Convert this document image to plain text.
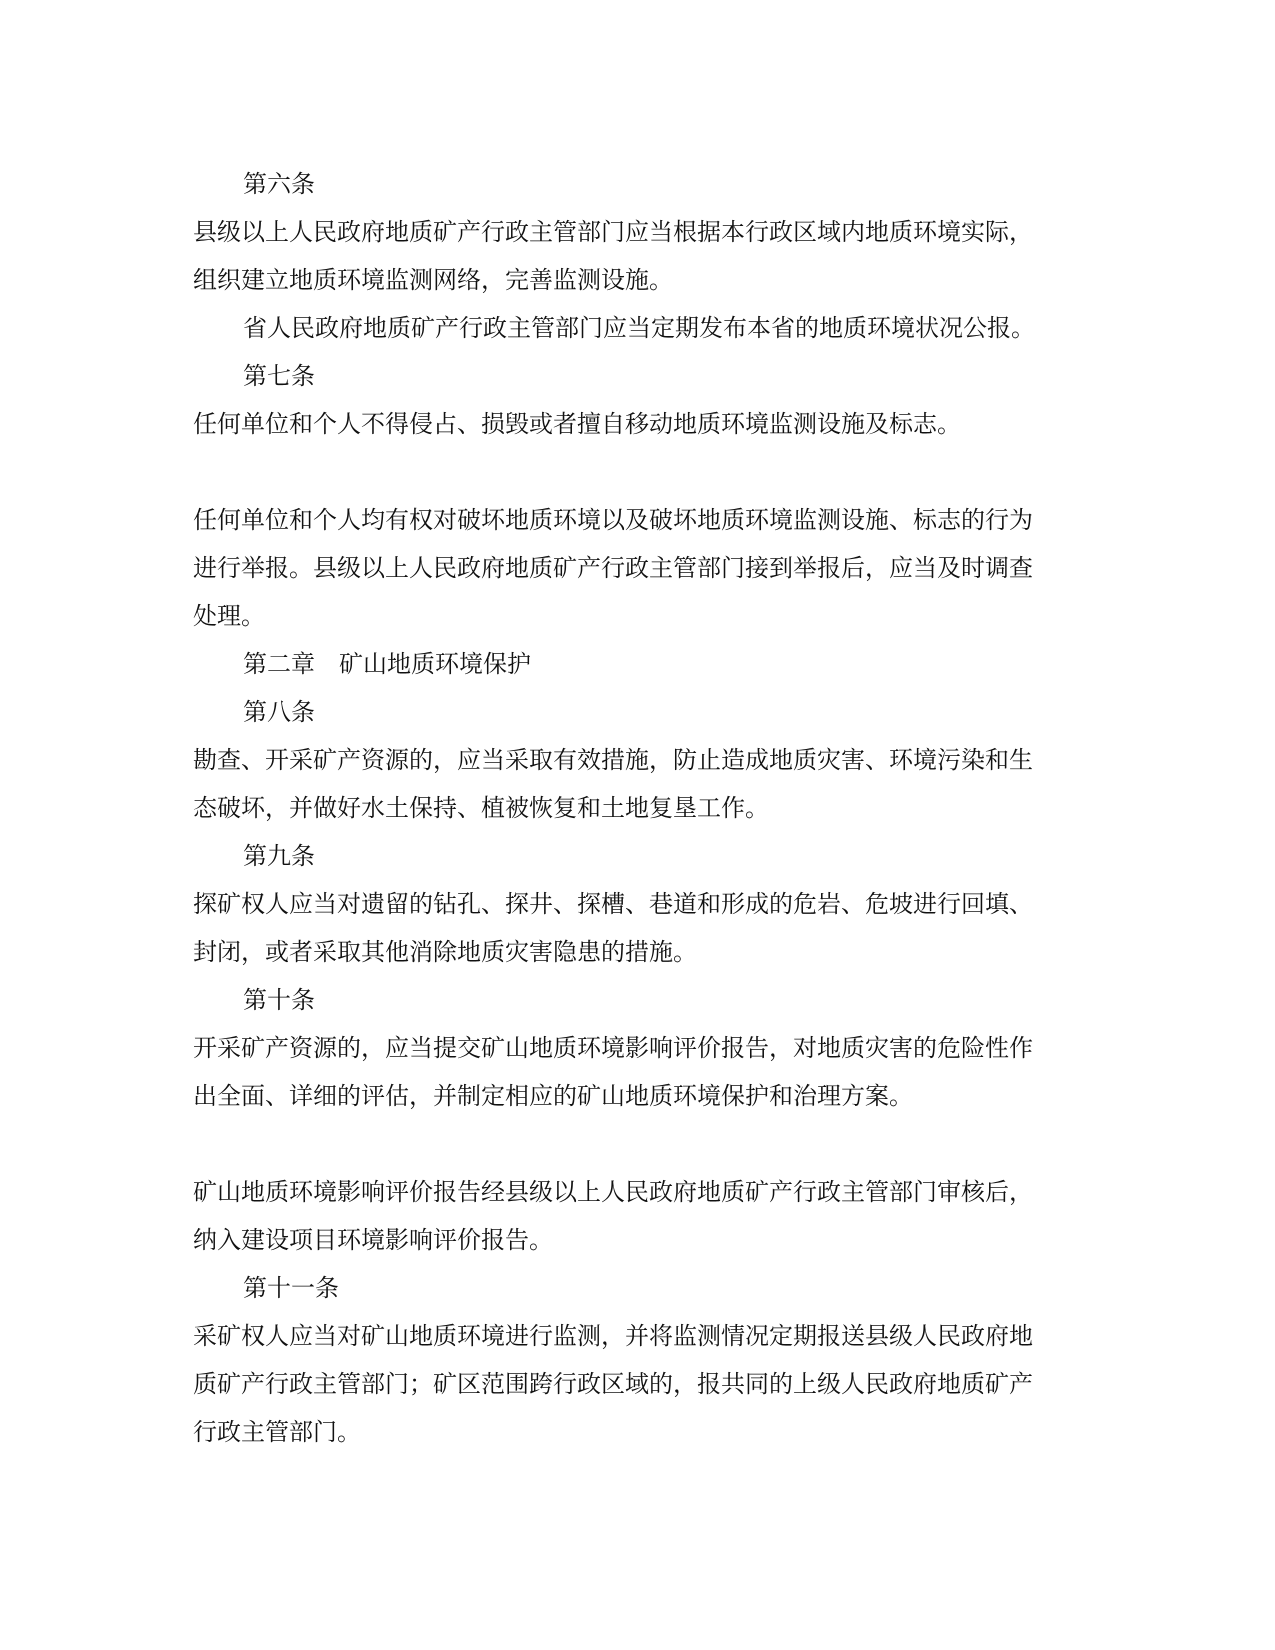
第六条
县级以上人民政府地质矿产行政主管部门应当根据本行政区域内地质环境实际，
组织建立地质环境监测网络，完善监测设施。
省人民政府地质矿产行政主管部门应当定期发布本省的地质环境状况公报。
第七条
任何单位和个人不得侵占、损毁或者擅自移动地质环境监测设施及标志。
任何单位和个人均有权对破坏地质环境以及破坏地质环境监测设施、标志的行为
进行举报。县级以上人民政府地质矿产行政主管部门接到举报后，应当及时调查
处理。
第二章　矿山地质环境保护
第八条
勘查、开采矿产资源的，应当采取有效措施，防止造成地质灾害、环境污染和生
态破坏，并做好水土保持、植被恢复和土地复垦工作。
第九条
探矿权人应当对遗留的钻孔、探井、探槽、巷道和形成的危岩、危坡进行回填、
封闭，或者采取其他消除地质灾害隐患的措施。
第十条
开采矿产资源的，应当提交矿山地质环境影响评价报告，对地质灾害的危险性作
出全面、详细的评估，并制定相应的矿山地质环境保护和治理方案。
矿山地质环境影响评价报告经县级以上人民政府地质矿产行政主管部门审核后，
纳入建设项目环境影响评价报告。
第十一条
采矿权人应当对矿山地质环境进行监测，并将监测情况定期报送县级人民政府地
质矿产行政主管部门；矿区范围跨行政区域的，报共同的上级人民政府地质矿产
行政主管部门。
